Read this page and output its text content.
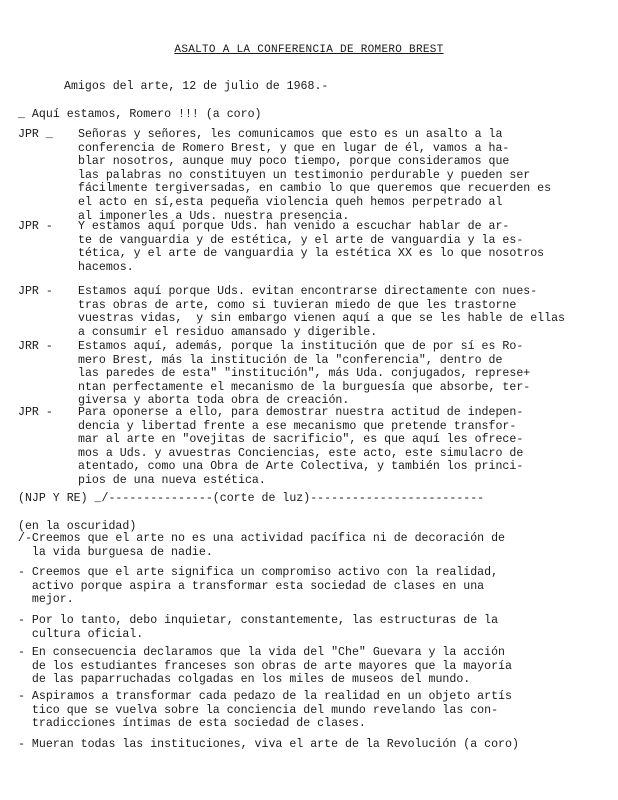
ASALTO A LA CONFERENCIA DE ROMERO BREST
Amigos del arte, 12 de julio de 1968.-
_ Aquí estamos, Romero !!! (a coro)
JPR _	Señoras y señores, les comunicamos que esto es un asalto a la
conferencia de Romero Brest, y que en lugar de él, vamos a ha-
blar nosotros, aunque muy poco tiempo, porque consideramos que
las palabras no constituyen un testimonio perdurable y pueden ser
fácilmente tergiversadas, en cambio lo que queremos que recuerden es
el acto en sí,esta pequeña violencia queh hemos perpetrado al
al imponerles a Uds. nuestra presencia.
JPR -	Y estamos aquí porque Uds. han venido a escuchar hablar de ar-
te de vanguardia y de estética, y el arte de vanguardia y la es-
tética, y el arte de vanguardia y la estética XX es lo que nosotros
hacemos.
JPR -	Estamos aquí porque Uds. evitan encontrarse directamente con nues-
tras obras de arte, como si tuvieran miedo de que les trastorne
vuestras vidas,  y sin embargo vienen aquí a que se les hable de ellas
a consumir el residuo amansado y digerible.
JRR -	Estamos aquí, además, porque la institución que de por sí es Ro-
mero Brest, más la institución de la "conferencia", dentro de
las paredes de esta" "institución", más Uda. conjugados, represe+
ntan perfectamente el mecanismo de la burguesía que absorbe, ter-
giversa y aborta toda obra de creación.
JPR -	Para oponerse a ello, para demostrar nuestra actitud de indepen-
dencia y libertad frente a ese mecanismo que pretende transfor-
mar al arte en "ovejitas de sacrificio", es que aquí les ofrece-
mos a Uds. y avuestras Conciencias, este acto, este simulacro de
atentado, como una Obra de Arte Colectiva, y también los princi-
pios de una nueva estética.
(NJP Y RE) _/---------------(corte de luz)-------------------------
(en la oscuridad)
/-Creemos que el arte no es una actividad pacífica ni de decoración de
la vida burguesa de nadie.
- Creemos que el arte significa un compromiso activo con la realidad,
activo porque aspira a transformar esta sociedad de clases en una
mejor.
- Por lo tanto, debo inquietar, constantemente, las estructuras de la
cultura oficial.
- En consecuencia declaramos que la vida del "Che" Guevara y la acción
de los estudiantes franceses son obras de arte mayores que la mayoría
de las paparruchadas colgadas en los miles de museos del mundo.
- Aspiramos a transformar cada pedazo de la realidad en un objeto artís
tico que se vuelva sobre la conciencia del mundo revelando las con-
tradicciones íntimas de esta sociedad de clases.
- Mueran todas las instituciones, viva el arte de la Revolución (a coro)
